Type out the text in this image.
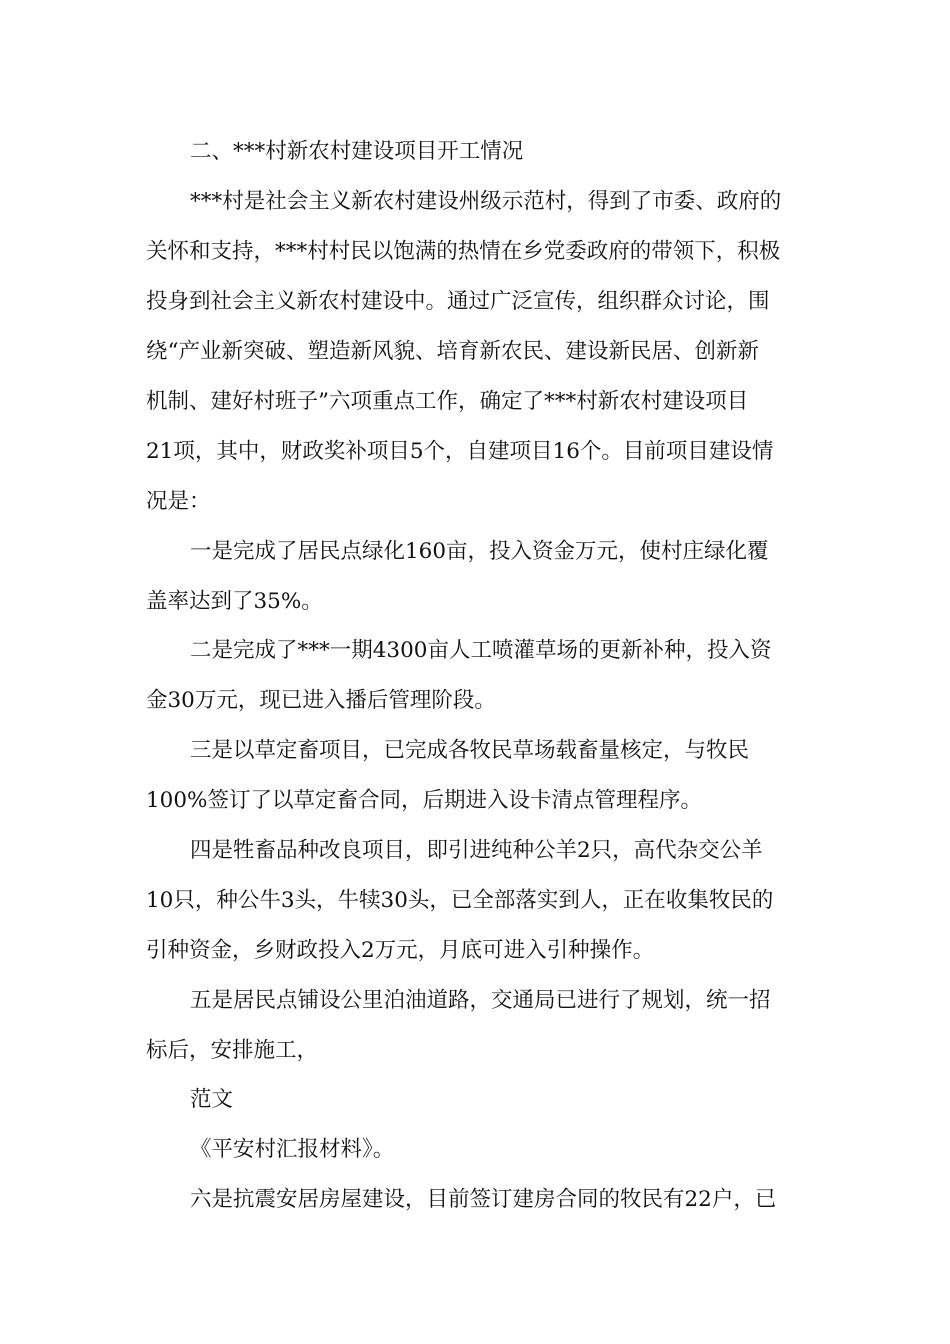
二、***村新农村建设项目开工情况

***村是社会主义新农村建设州级示范村，得到了市委、政府的

关怀和支持，***村村民以饱满的热情在乡党委政府的带领下，积极

投身到社会主义新农村建设中。通过广泛宣传，组织群众讨论，围

绕“产业新突破、塑造新风貌、培育新农民、建设新民居、创新新

机制、建好村班子”六项重点工作，确定了***村新农村建设项目

21项，其中，财政奖补项目5个，自建项目16个。目前项目建设情

况是：

一是完成了居民点绿化160亩，投入资金万元，使村庄绿化覆

盖率达到了35%。

二是完成了***一期4300亩人工喷灌草场的更新补种，投入资

金30万元，现已进入播后管理阶段。

三是以草定畜项目，已完成各牧民草场载畜量核定，与牧民

100%签订了以草定畜合同，后期进入设卡清点管理程序。

四是牲畜品种改良项目，即引进纯种公羊2只，高代杂交公羊

10只，种公牛3头，牛犊30头，已全部落实到人，正在收集牧民的

引种资金，乡财政投入2万元，月底可进入引种操作。

五是居民点铺设公里泊油道路，交通局已进行了规划，统一招

标后，安排施工，

范文

《平安村汇报材料》。

六是抗震安居房屋建设，目前签订建房合同的牧民有22户，已
